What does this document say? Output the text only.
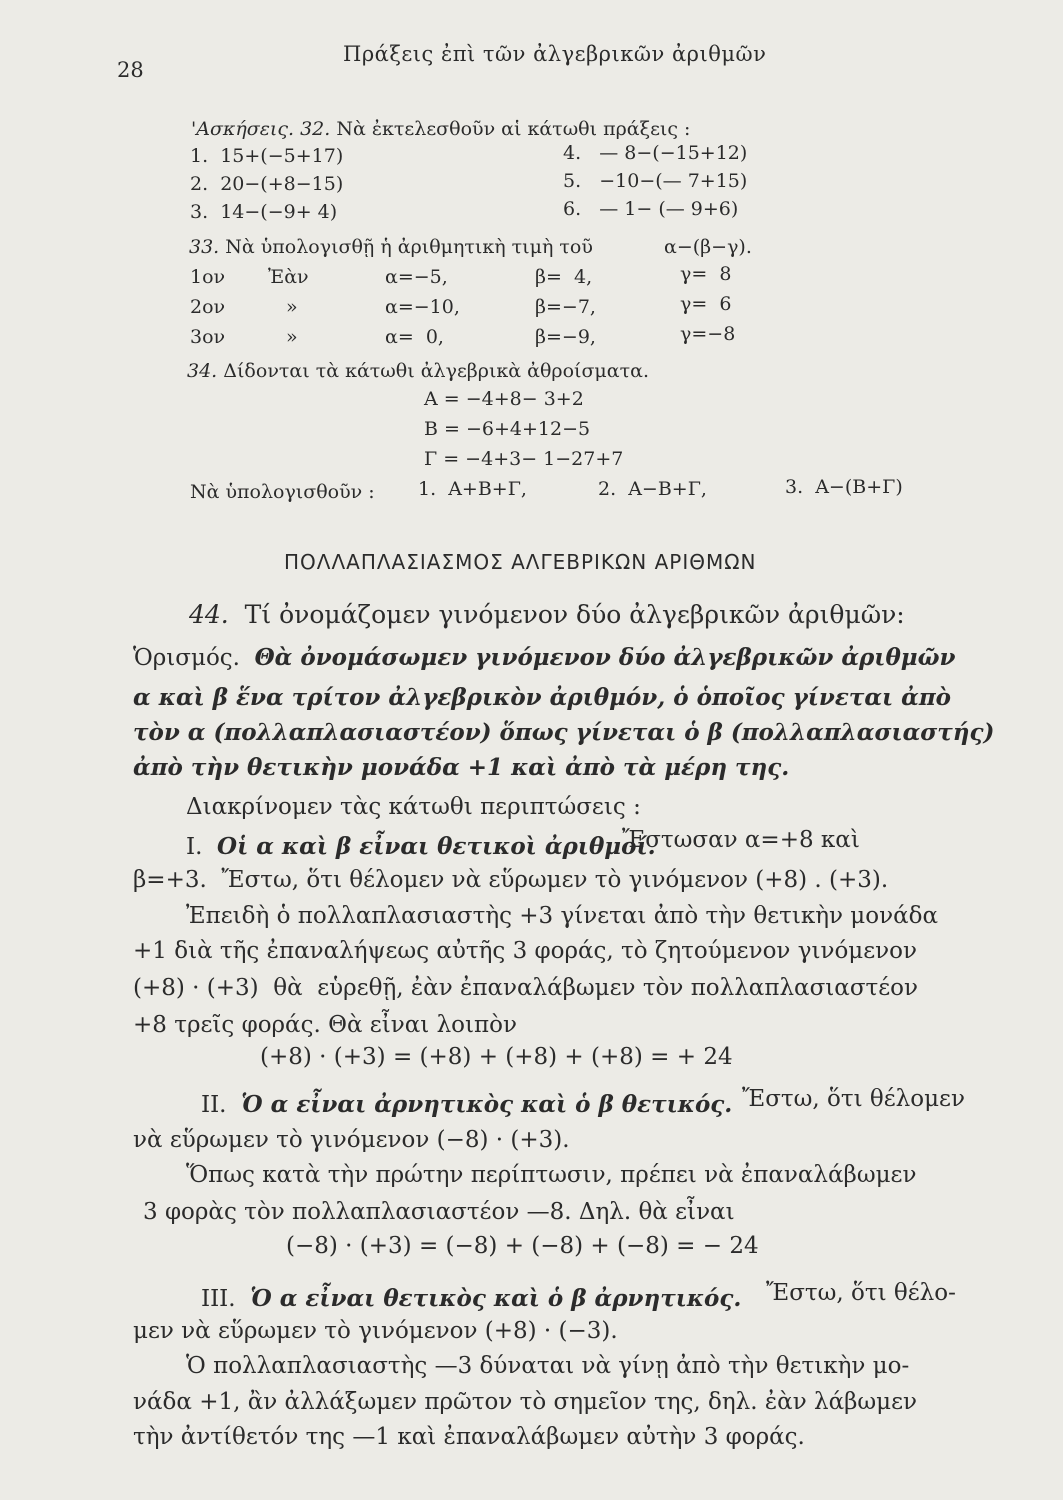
28
Πράξεις ἐπὶ τῶν ἀλγεβρικῶν ἀριθμῶν
'Ασκήσεις. 32. Νὰ ἐκτελεσθοῦν αἱ κάτωθι πράξεις :
1.  15+(−5+17)
2.  20−(+8−15)
3.  14−(−9+ 4)
4.   — 8−(−15+12)
5.   −10−(— 7+15)
6.   — 1− (— 9+6)
33. Νὰ ὑπολογισθῇ ἡ ἀριθμητικὴ τιμὴ τοῦ	α−(β−γ).
1ον Ἐὰν	α=−5,	β=  4,	γ=  8
2ον	»	α=−10,	β=−7,	γ=  6
3ον	»	α=  0,	β=−9,	γ=−8
34. Δίδονται τὰ κάτωθι ἀλγεβρικὰ ἀθροίσματα.
Α = −4+8− 3+2
Β = −6+4+12−5
Γ = −4+3− 1−27+7
Νὰ ὑπολογισθοῦν : 1.  Α+Β+Γ,	2.  Α−Β+Γ,	3.  Α−(Β+Γ)
ΠΟΛΛΑΠΛΑΣΙΑΣΜΟΣ ΑΛΓΕΒΡΙΚΩΝ ΑΡΙΘΜΩΝ
44. Τί ὀνομάζομεν γινόμενον δύο ἀλγεβρικῶν ἀριθμῶν:
Ὁρισμός. Θὰ ὀνομάσωμεν γινόμενον δύο ἀλγεβρικῶν ἀριθμῶν
α καὶ β ἕνα τρίτον ἀλγεβρικὸν ἀριθμόν, ὁ ὁποῖος γίνεται ἀπὸ
τὸν α (πολλαπλασιαστέον) ὅπως γίνεται ὁ β (πολλαπλασιαστής)
ἀπὸ τὴν θετικὴν μονάδα +1 καὶ ἀπὸ τὰ μέρη της.
Διακρίνομεν τὰς κάτωθι περιπτώσεις :
Ι. Οἱ α καὶ β εἶναι θετικοὶ ἀριθμοί.
Ἔστωσαν α=+8 καὶ
β=+3.  Ἔστω, ὅτι θέλομεν νὰ εὕρωμεν τὸ γινόμενον (+8) . (+3).
Ἐπειδὴ ὁ πολλαπλασιαστὴς +3 γίνεται ἀπὸ τὴν θετικὴν μονάδα
+1 διὰ τῆς ἐπαναλήψεως αὐτῆς 3 φοράς, τὸ ζητούμενον γινόμενον
(+8) · (+3)  θὰ  εὑρεθῇ, ἐὰν ἐπαναλάβωμεν τὸν πολλαπλασιαστέον
+8 τρεῖς φοράς. Θὰ εἶναι λοιπὸν
(+8) · (+3) = (+8) + (+8) + (+8) = + 24
ΙΙ. Ὁ α εἶναι ἀρνητικὸς καὶ ὁ β θετικός. Ἔστω, ὅτι θέλομεν
νὰ εὕρωμεν τὸ γινόμενον (−8) · (+3).
Ὅπως κατὰ τὴν πρώτην περίπτωσιν, πρέπει νὰ ἐπαναλάβωμεν
3 φορὰς τὸν πολλαπλασιαστέον —8. Δηλ. θὰ εἶναι
(−8) · (+3) = (−8) + (−8) + (−8) = − 24
ΙΙΙ. Ὁ α εἶναι θετικὸς καὶ ὁ β ἀρνητικός. Ἔστω, ὅτι θέλο-
μεν νὰ εὕρωμεν τὸ γινόμενον (+8) · (−3).
Ὁ πολλαπλασιαστὴς —3 δύναται νὰ γίνῃ ἀπὸ τὴν θετικὴν μο-
νάδα +1, ἂν ἀλλάξωμεν πρῶτον τὸ σημεῖον της, δηλ. ἐὰν λάβωμεν
τὴν ἀντίθετόν της —1 καὶ ἐπαναλάβωμεν αὐτὴν 3 φοράς.
